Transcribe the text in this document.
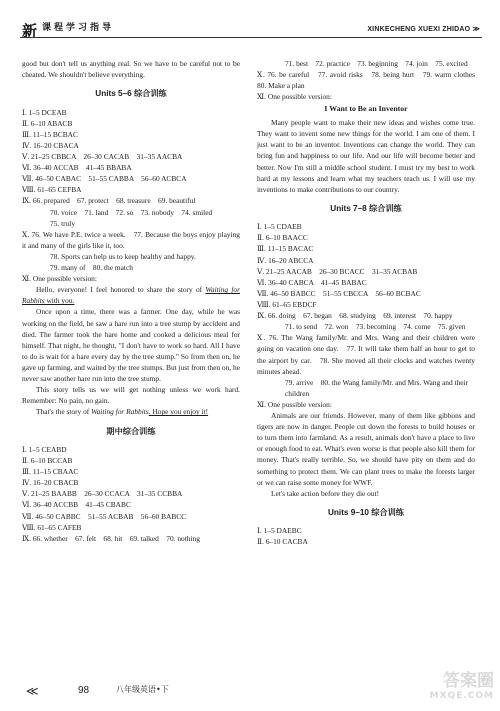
新 课程学习指导	XINKECHENG XUEXI ZHIDAO ≫
good but don't tell us anything real. So we have to be careful not to be cheated. We shouldn't believe everything.
Units 5–6 综合训练
Ⅰ. 1–5 DCEAB
Ⅱ. 6–10 ABACB
Ⅲ. 11–15 BCBAC
Ⅳ. 16–20 CBACA
Ⅴ. 21–25 CBBCA　26–30 CACAB　31–35 AACBA
Ⅵ. 36–40 ACCAB　41–45 BBABA
Ⅶ. 46–50 CABAC　51–55 CABBA　56–60 ACBCA
Ⅷ. 61–65 CEFBA
Ⅸ. 66. prepared　67. protect　68. treasure　69. beautiful
70. voice　71. land　72. so　73. nobody　74. smiled
75. truly
Ⅹ. 76. We have P.E. twice a week.　77. Because the boys enjoy playing it and many of the girls like it, too.
78. Sports can help us to keep healthy and happy.
79. many of　80. the match
Ⅺ. One possible version:
Hello, everyone! I feel honored to share the story of Waiting for Rabbits with you.
Once upon a time, there was a farmer. One day, while he was working on the field, he saw a hare run into a tree stump by accident and died. The farmer took the hare home and cooked a delicious meal for himself. That night, he thought, "I don't have to work so hard. All I have to do is wait for a hare every day by the tree stump." So from then on, he gave up farming, and waited by the tree stumps. But just from then on, he never saw another hare run into the tree stump.
This story tells us we will get nothing unless we work hard. Remember: No pain, no gain.
That's the story of Waiting for Rabbits. Hope you enjoy it!
期中综合训练
Ⅰ. 1–5 CEABD
Ⅱ. 6–10 BCCAB
Ⅲ. 11–15 CBAAC
Ⅳ. 16–20 CBACB
Ⅴ. 21–25 BAABB　26–30 CCACA　31–35 CCBBA
Ⅵ. 36–40 ACCBB　41–45 CBABC
Ⅶ. 46–50 CABBC　51–55 ACBAB　56–60 BABCC
Ⅷ. 61–65 CAFEB
Ⅸ. 66. whether　67. felt　68. hit　69. talked　70. nothing
71. best　72. practice　73. beginning　74. join　75. excited
Ⅹ. 76. be careful　77. avoid risks　78. being hurt　79. warm clothes　80. Make a plan
Ⅺ. One possible version:
I Want to Be an Inventor
Many people want to make their new ideas and wishes come true. They want to invent some new things for the world. I am one of them. I just want to be an inventor. Inventions can change the world. They can bring fun and happiness to our life. And our life will become better and better. Now I'm still a middle school student. I must try my best to work hard at my lessons and learn what my teachers teach us. I will use my inventions to make contributions to our country.
Units 7–8 综合训练
Ⅰ. 1–5 CDAEB
Ⅱ. 6–10 BAACC
Ⅲ. 11–15 BACAC
Ⅳ. 16–20 ABCCA
Ⅴ. 21–25 AACAB　26–30 BCACC　31–35 ACBAB
Ⅵ. 36–40 CABCA　41–45 BABAC
Ⅶ. 46–50 BABCC　51–55 CBCCA　56–60 BCBAC
Ⅷ. 61–65 EBDCF
Ⅸ. 66. doing　67. began　68. studying　69. interest　70. happy
71. to send　72. won　73. becoming　74. come　75. given
Ⅹ. 76. The Wang family/Mr. and Mrs. Wang and their children were going on vacation one day.　77. It will take them half an hour to get to the airport by car.　78. She moved all their clocks and watches twenty minutes ahead.
79. arrive　80. the Wang family/Mr. and Mrs. Wang and their children
Ⅺ. One possible version:
Animals are our friends. However, many of them like gibbons and tigers are now in danger. People cut down the forests to build houses or to turn them into farmland. As a result, animals don't have a place to live or enough food to eat. What's even worse is that people also kill them for money. That's really terrible. So, we should have pity on them and do something to protect them. We can plant trees to make the forests larger or we can raise some money for WWF.
Let's take action before they die out!
Units 9–10 综合训练
Ⅰ. 1–5 DAEBC
Ⅱ. 6–10 CACBA
≪	98	八年级英语•下	答案圈
MXQE.COM
